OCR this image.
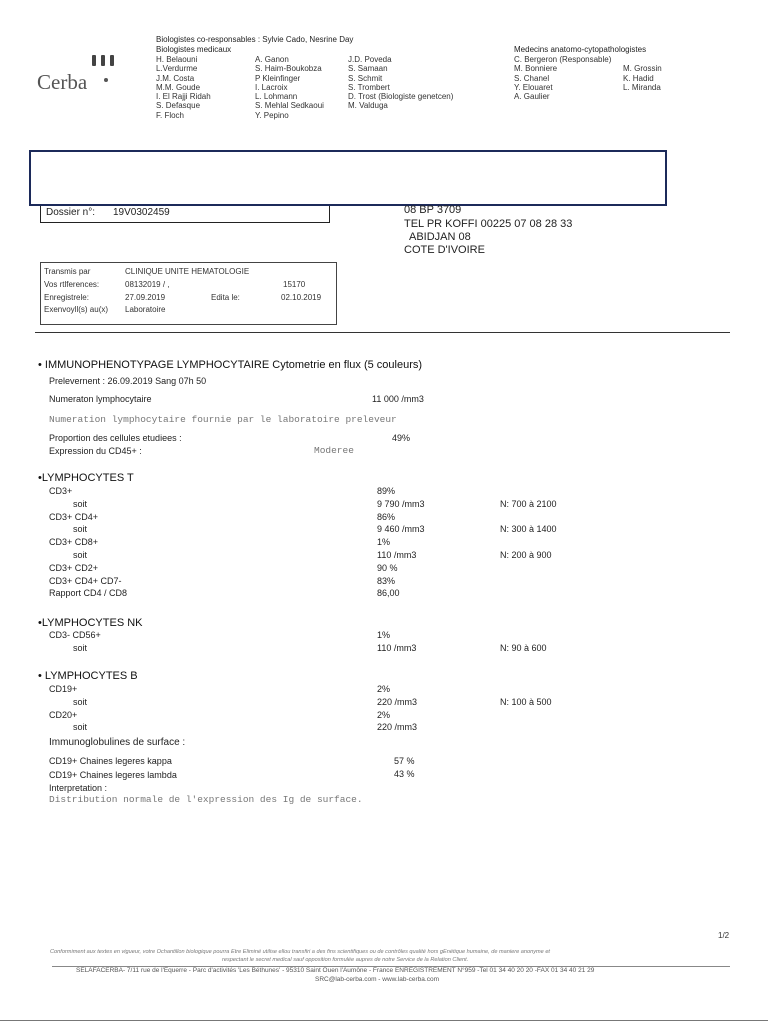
Cerba
Biologistes co-responsables : Sylvie Cado, Nesrine Day
Biologistes medicaux
H. Belaouni
L.Verdurme
J.M. Costa
M.M. Goude
I. El Rajji Ridah
S. Defasque
F. Floch
A. Ganon
S. Haim-Boukobza
P Kleinfinger
I. Lacroix
L. Lohmann
S. Mehlal Sedkaoui
Y. Pepino
J.D. Poveda
S. Samaan
S. Schmit
S. Trombert
D. Trost (Biologiste genetcen)
M. Valduga
Medecins anatomo-cytopathologistes
C. Bergeron (Responsable)
M. Bonniere
S. Chanel
Y. Elouaret
A. Gaulier

M. Grossin
K. Hadid
L. Miranda
Dossier n°: 19V0302459	08 BP 3709
TEL PR KOFFI 00225 07 08 28 33
ABIDJAN 08
COTE D'IVOIRE
Transmis par	CLINIQUE UNITE HEMATOLOGIE
Vos rtlferences:	08132019 / ,	15170
Enregistrele:	27.09.2019	Edita le:	02.10.2019
Exenvoyll(s) au(x) Laboratoire
• IMMUNOPHENOTYPAGE LYMPHOCYTAIRE Cytometrie en flux (5 couleurs)
Prelevernent : 26.09.2019 Sang 07h 50
Numeraton lymphocytaire	11 000 /mm3
Numeration lymphocytaire fournie par le laboratoire preleveur
Proportion des cellules etudiees :	49%
Expression du CD45+ :	Moderee
•LYMPHOCYTES T
CD3+	89%
soit	9 790 /mm3	N: 700 à 2100
CD3+ CD4+	86%
soit	9 460 /mm3	N: 300 à 1400
CD3+ CD8+	1%
soit	110 /mm3	N: 200 à 900
CD3+ CD2+	90 %
CD3+ CD4+ CD7-	83%
Rapport CD4 / CD8	86,00
•LYMPHOCYTES NK
CD3- CD56+	1%
soit	110 /mm3	N: 90 à 600
• LYMPHOCYTES B
CD19+	2%
soit	220 /mm3	N: 100 à 500
CD20+	2%
soit	220 /mm3
Immunoglobulines de surface :
CD19+ Chaines legeres kappa	57 %
CD19+ Chaines legeres lambda	43 %
Interpretation :
Distribution normale de l'expression des Ig de surface.
1/2
Conformiment aux textes en vigueur, votre Ochantillon biologique pourra Etre Eliminé utilise ellou transfiri a des fins scientifiques ou de contrôles qualité hors gEnétique humaine, de maniere anonyme et
respectant le secret medical sauf opposition formulée aupres de notre Service de la Relation Client.
SELAFACERBA- 7/11 rue de l'Equerre - Parc d'activités 'Les Béthunes' - 95310 Saint Ouen l'Aumône - France ENREGISTREMENT N°959 -Tel 01 34 40 20 20 -FAX 01 34 40 21 29
SRC@lab-cerba.com - www.lab-cerba.com
